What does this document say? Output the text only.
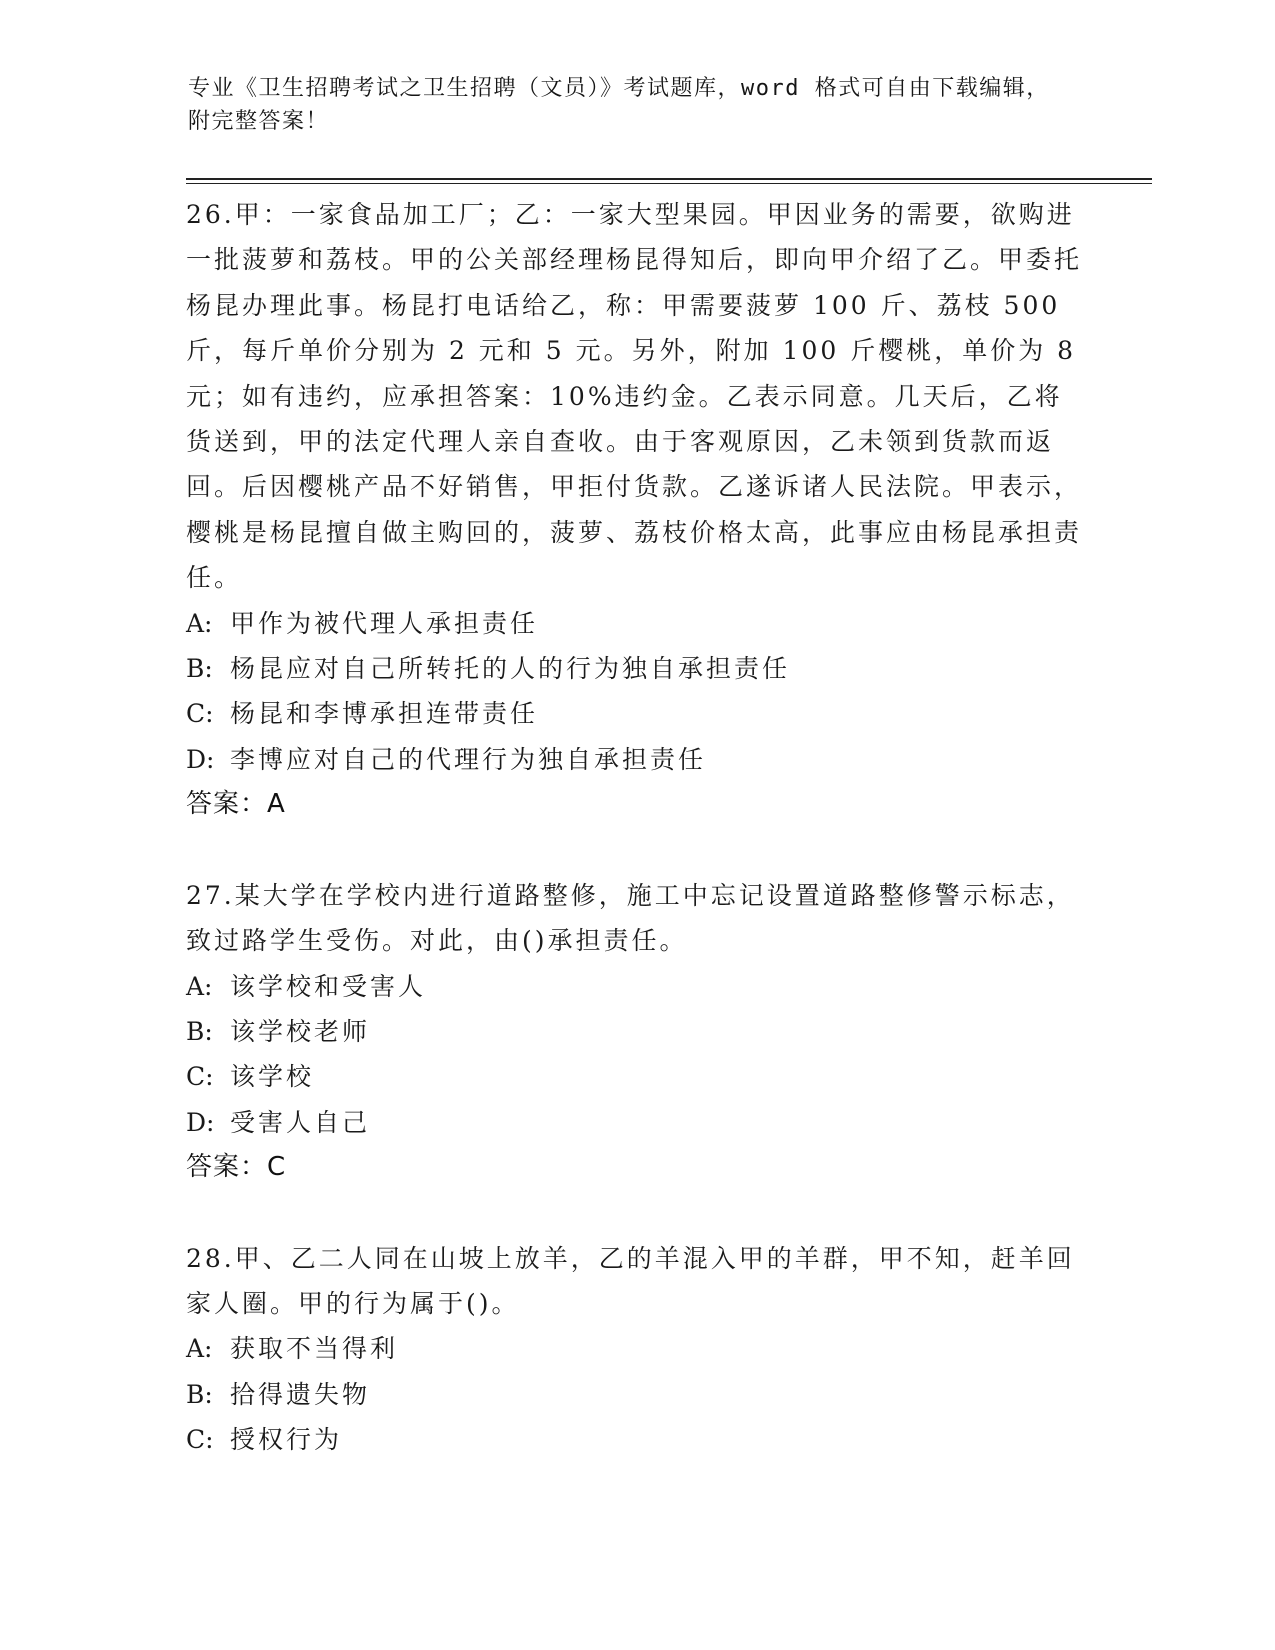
专业《卫生招聘考试之卫生招聘（文员）》考试题库，word 格式可自由下载编辑，附完整答案！

26.甲：一家食品加工厂；乙：一家大型果园。甲因业务的需要，欲购进一批菠萝和荔枝。甲的公关部经理杨昆得知后，即向甲介绍了乙。甲委托杨昆办理此事。杨昆打电话给乙，称：甲需要菠萝 100 斤、荔枝 500 斤，每斤单价分别为 2 元和 5 元。另外，附加 100 斤樱桃，单价为 8 元；如有违约，应承担答案：10%违约金。乙表示同意。几天后，乙将货送到，甲的法定代理人亲自查收。由于客观原因，乙未领到货款而返回。后因樱桃产品不好销售，甲拒付货款。乙遂诉诸人民法院。甲表示，樱桃是杨昆擅自做主购回的，菠萝、荔枝价格太高，此事应由杨昆承担责任。

A: 甲作为被代理人承担责任

B: 杨昆应对自己所转托的人的行为独自承担责任

C: 杨昆和李博承担连带责任

D: 李博应对自己的代理行为独自承担责任

答案：A

27.某大学在学校内进行道路整修，施工中忘记设置道路整修警示标志，致过路学生受伤。对此，由()承担责任。

A: 该学校和受害人

B: 该学校老师

C: 该学校

D: 受害人自己

答案：C

28.甲、乙二人同在山坡上放羊，乙的羊混入甲的羊群，甲不知，赶羊回家人圈。甲的行为属于()。

A: 获取不当得利

B: 拾得遗失物

C: 授权行为
